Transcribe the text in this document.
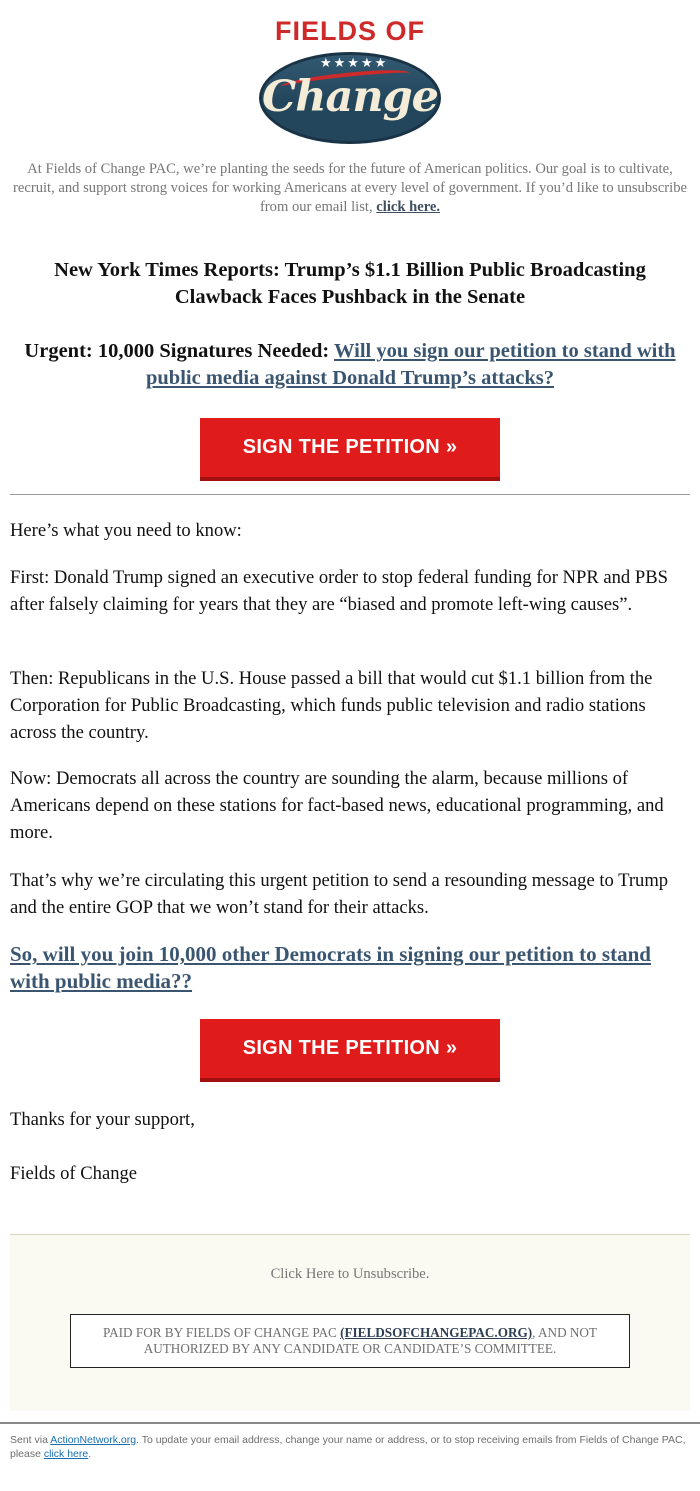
FIELDS OF
★★★★★
Change
At Fields of Change PAC, we’re planting the seeds for the future of American politics. Our goal is to cultivate, recruit, and support strong voices for working Americans at every level of government. If you’d like to unsubscribe from our email list, click here.
New York Times Reports: Trump’s $1.1 Billion Public Broadcasting Clawback Faces Pushback in the Senate
Urgent: 10,000 Signatures Needed: Will you sign our petition to stand with public media against Donald Trump’s attacks?
SIGN THE PETITION »

Here’s what you need to know:

First: Donald Trump signed an executive order to stop federal funding for NPR and PBS after falsely claiming for years that they are “biased and promote left-wing causes”.

Then: Republicans in the U.S. House passed a bill that would cut $1.1 billion from the Corporation for Public Broadcasting, which funds public television and radio stations across the country.

Now: Democrats all across the country are sounding the alarm, because millions of Americans depend on these stations for fact-based news, educational programming, and more.

That’s why we’re circulating this urgent petition to send a resounding message to Trump and the entire GOP that we won’t stand for their attacks.

So, will you join 10,000 other Democrats in signing our petition to stand with public media??
SIGN THE PETITION »

Thanks for your support,

Fields of Change

Click Here to Unsubscribe.
PAID FOR BY FIELDS OF CHANGE PAC (FIELDSOFCHANGEPAC.ORG), AND NOT AUTHORIZED BY ANY CANDIDATE OR CANDIDATE’S COMMITTEE.
Sent via ActionNetwork.org. To update your email address, change your name or address, or to stop receiving emails from Fields of Change PAC, please click here.
